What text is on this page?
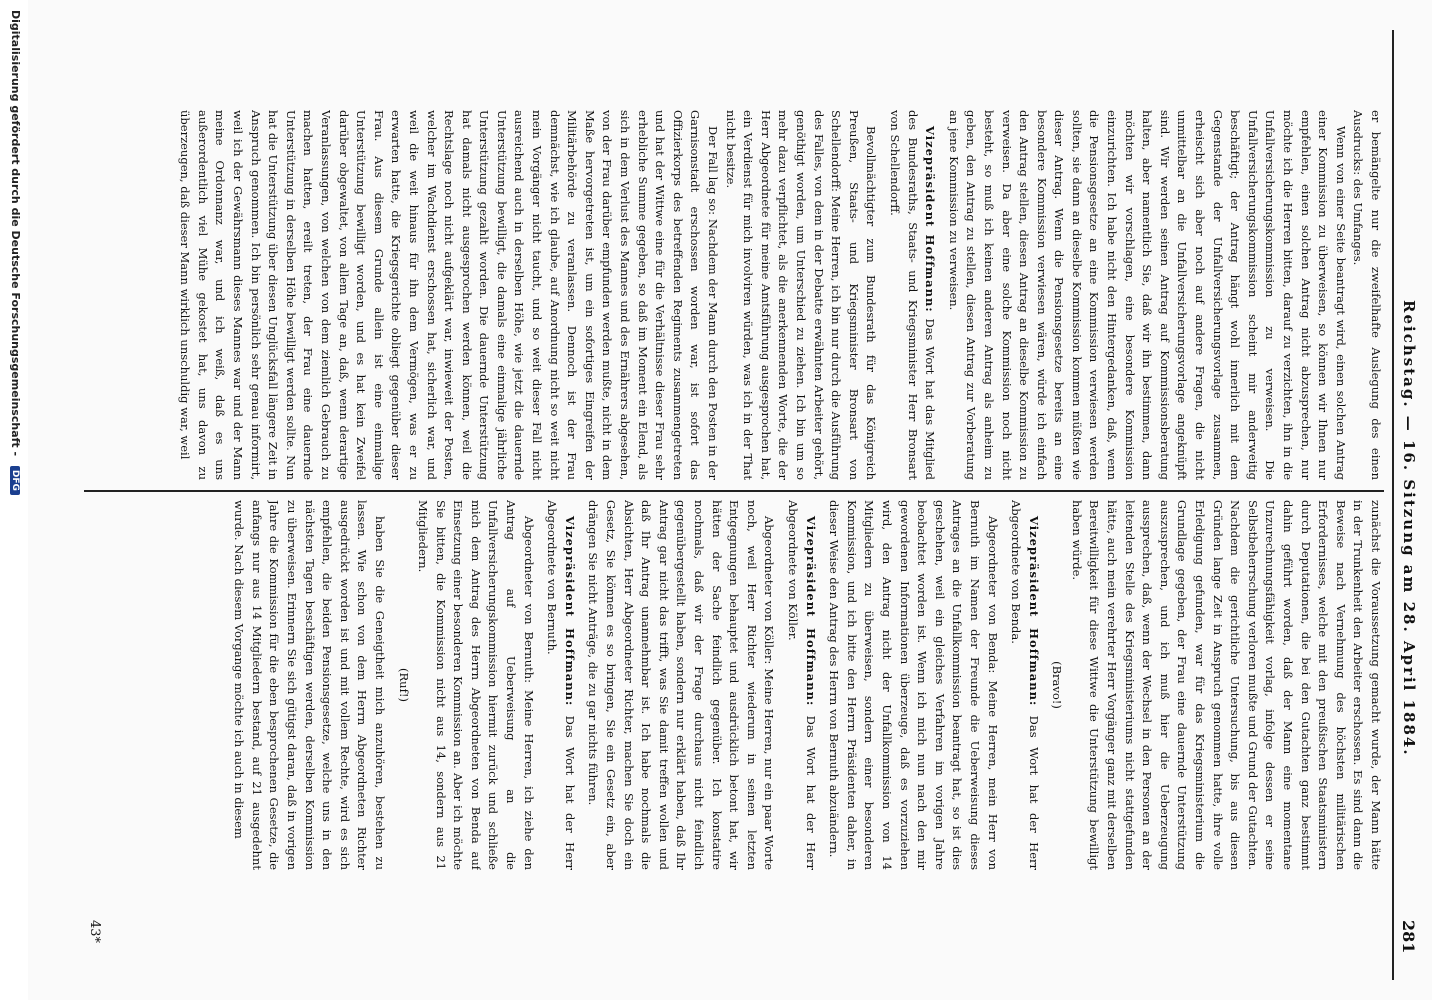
Reichstag. — 16. Sitzung am 28. April 1884.
281

er bemängelte nur die zweifelhafte Auslegung des einen Ausdrucks: des Umfanges.

Wenn von einer Seite beantragt wird, einen solchen Antrag einer Kommission zu überweisen, so können wir Ihnen nur empfehlen, einen solchen Antrag nicht abzusprechen, nur möchte ich die Herren bitten, darauf zu verzichten, ihn in die Unfallversicherungskommission zu verweisen. Die Unfallversicherungskommission scheint mir anderweitig beschäftigt; der Antrag hängt wohl innerlich mit dem Gegenstande der Unfallversicherungsvorlage zusammen, erheischt sich aber noch auf andere Fragen, die nicht unmittelbar an die Unfallversicherungsvorlage angeknüpft sind. Wir werden seinen Antrag auf Kommissionsberatung halten, aber namentlich Sie, daß wir ihn bestimmen, dann möchten wir vorschlagen, eine besondere Kommission einzurichten. Ich habe nicht den Hintergedanken, daß, wenn die Pensionsgesetze an eine Kommission verwiesen werden sollten, sie dann an dieselbe Kommission kommen müßten wie dieser Antrag. Wenn die Pensionsgesetze bereits an eine besondere Kommission verwiesen wären, würde ich einfach den Antrag stellen, diesen Antrag an dieselbe Kommission zu verweisen. Da aber eine solche Kommission noch nicht besteht, so muß ich keinen anderen Antrag als anheim zu geben, den Antrag zu stellen, diesen Antrag zur Vorberatung an jene Kommission zu verweisen.

Vizepräsident Hoffmann: Das Wort hat das Mitglied des Bundesraths, Staats- und Kriegsminister Herr Bronsart von Schellendorff.

Bevollmächtigter zum Bundesrath für das Königreich Preußen, Staats- und Kriegsminister Bronsart von Schellendorff: Meine Herren, ich bin nur durch die Ausführung des Falles, von dem in der Debatte erwähnten Arbeiter gehört, genöthigt worden, um Unterschied zu ziehen. Ich bin um so mehr dazu verpflichtet, als die anerkennenden Worte, die der Herr Abgeordnete für meine Amtsführung ausgesprochen hat, ein Verdienst für mich involviren würden, was ich in der That nicht besitze.

Der Fall lag so: Nachdem der Mann durch den Posten in der Garnisonstadt erschossen worden war, ist sofort das Offizierkorps des betreffenden Regiments zusammengetreten und hat der Wittwe eine für die Verhältnisse dieser Frau sehr erhebliche Summe gegeben, so daß im Moment ein Elend, als sich in dem Verlust des Mannes und des Ernährers abgesehen, von der Frau darüber empfunden werden mußte, nicht in dem Maße hervorgetreten ist, um ein sofortiges Eingreifen der Militärbehörde zu veranlassen. Dennoch ist der Frau demnächst, wie ich glaube, auf Anordnung nicht so weit nicht mein Vorgänger nicht taucht, und so weit dieser Fall nicht ausreichend auch in derselben Höhe, wie jetzt die dauernde Unterstützung bewilligt, die damals eine einmalige jährliche Unterstützung gezahlt worden. Die dauernde Unterstützung hat damals nicht ausgesprochen werden können, weil die Rechtslage noch nicht aufgeklärt war, inwieweit der Posten, welcher im Wachdienst erschossen hat, sicherlich war, und weil die weit hinaus für ihn dem Vermögen, was er zu erwarten hatte, die Kriegsgerichte obliegt gegenüber dieser Frau. Aus diesem Grunde allein ist eine einmalige Unterstützung bewilligt worden, und es hat kein Zweifel darüber obgewaltet, von allem Tage an, daß, wenn derartige Veranlassungen, von welchen von dem ziemlich Gebrauch zu machen hatten, ereilt treten, der Frau eine dauernde Unterstützung in derselben Höhe bewilligt werden sollte. Nun hat die Unterstützung über diesen Unglücksfall längere Zeit in Anspruch genommen. Ich bin persönlich sehr genau informirt, weil ich der Gewährsmann dieses Mannes war und der Mann meine Ordonnanz war, und ich weiß, daß es uns außerordentlich viel Mühe gekostet hat, uns davon zu überzeugen, daß dieser Mann wirklich unschuldig war, weil

zunächst die Voraussetzung gemacht wurde, der Mann hätte in der Trunkenheit den Arbeiter erschossen. Es sind dann die Beweise nach Vernehmung des höchsten militärischen Erfordernisses, welche mit den preußischen Staatsministern durch Deputationen, die bei den Gutachten ganz bestimmt dahin geführt worden, daß der Mann eine momentane Unzurechnungsfähigkeit vorlag, infolge dessen er seine Selbstbeherrschung verloren mußte und Grund der Gutachten. Nachdem die gerichtliche Untersuchung, bis aus diesen Gründen lange Zeit in Anspruch genommen hatte, ihre volle Erledigung gefunden, war für das Kriegsministerium die Grundlage gegeben, der Frau eine dauernde Unterstützung auszusprechen, und ich muß hier die Ueberzeugung aussprechen, daß, wenn der Wechsel in den Personen an der leitenden Stelle des Kriegsministeriums nicht stattgefunden hätte, auch mein verehrter Herr Vorgänger ganz mit derselben Bereitwilligkeit für diese Wittwe die Unterstützung bewilligt haben würde.

(Bravo!)

Vizepräsident Hoffmann: Das Wort hat der Herr Abgeordnete von Benda.

Abgeordneter von Benda: Meine Herren, mein Herr von Bernuth im Namen der Freunde die Ueberweisung dieses Antrages an die Unfallkommission beantragt hat, so ist dies geschehen, weil ein gleiches Verfahren im vorigen Jahre beobachtet worden ist. Wenn ich mich nun nach den mir gewordenen Informationen überzeuge, daß es vorzuziehen wird, den Antrag nicht der Unfallkommission von 14 Mitgliedern zu überweisen, sondern einer besonderen Kommission, und ich bitte den Herrn Präsidenten daher, in dieser Weise den Antrag des Herrn von Bernuth abzuändern.

Vizepräsident Hoffmann: Das Wort hat der Herr Abgeordnete von Köller.

Abgeordneter von Köller: Meine Herren, nur ein paar Worte noch, weil Herr Richter wiederum in seinen letzten Entgegnungen behauptet und ausdrücklich betont hat, wir hätten der Sache feindlich gegenüber. Ich konstatire nochmals, daß wir der Frage durchaus nicht feindlich gegenübergestellt haben, sondern nur erklärt haben, daß Ihr Antrag gar nicht das trifft, was Sie damit treffen wollen und daß Ihr Antrag unannehmbar ist. Ich habe nochmals die Absichten, Herr Abgeordneter Richter, machen Sie doch ein Gesetz, Sie können es so bringen, Sie ein Gesetz ein, aber drängen Sie nicht Anträge, die zu gar nichts führen.

Vizepräsident Hoffmann: Das Wort hat der Herr Abgeordnete von Bernuth.

Abgeordneter von Bernuth: Meine Herren, ich ziehe den Antrag auf Ueberweisung an die Unfallversicherungskommission hiermit zurück und schließe mich dem Antrag des Herrn Abgeordneten von Benda auf Einsetzung einer besonderen Kommission an. Aber ich möchte Sie bitten, die Kommission nicht aus 14, sondern aus 21 Mitgliedern.

(Ruf!)

haben Sie die Geneigtheit mich anzuhören, bestehen zu lassen. Wie schon von dem Herrn Abgeordneten Richter ausgedrückt worden ist und mit vollem Rechte, wird es sich empfehlen, die beiden Pensionsgesetze, welche uns in den nächsten Tagen beschäftigen werden, derselben Kommission zu überweisen. Erinnern Sie sich gütigst daran, daß in vorigen Jahre die Kommission für die eben besprochenen Gesetze, die anfangs nur aus 14 Mitgliedern bestand, auf 21 ausgedehnt wurde. Nach diesem Vorgange möchte ich auch in diesem

43*
Digitalisierung gefördert durch die Deutsche Forschungsgemeinschaft - DFG
